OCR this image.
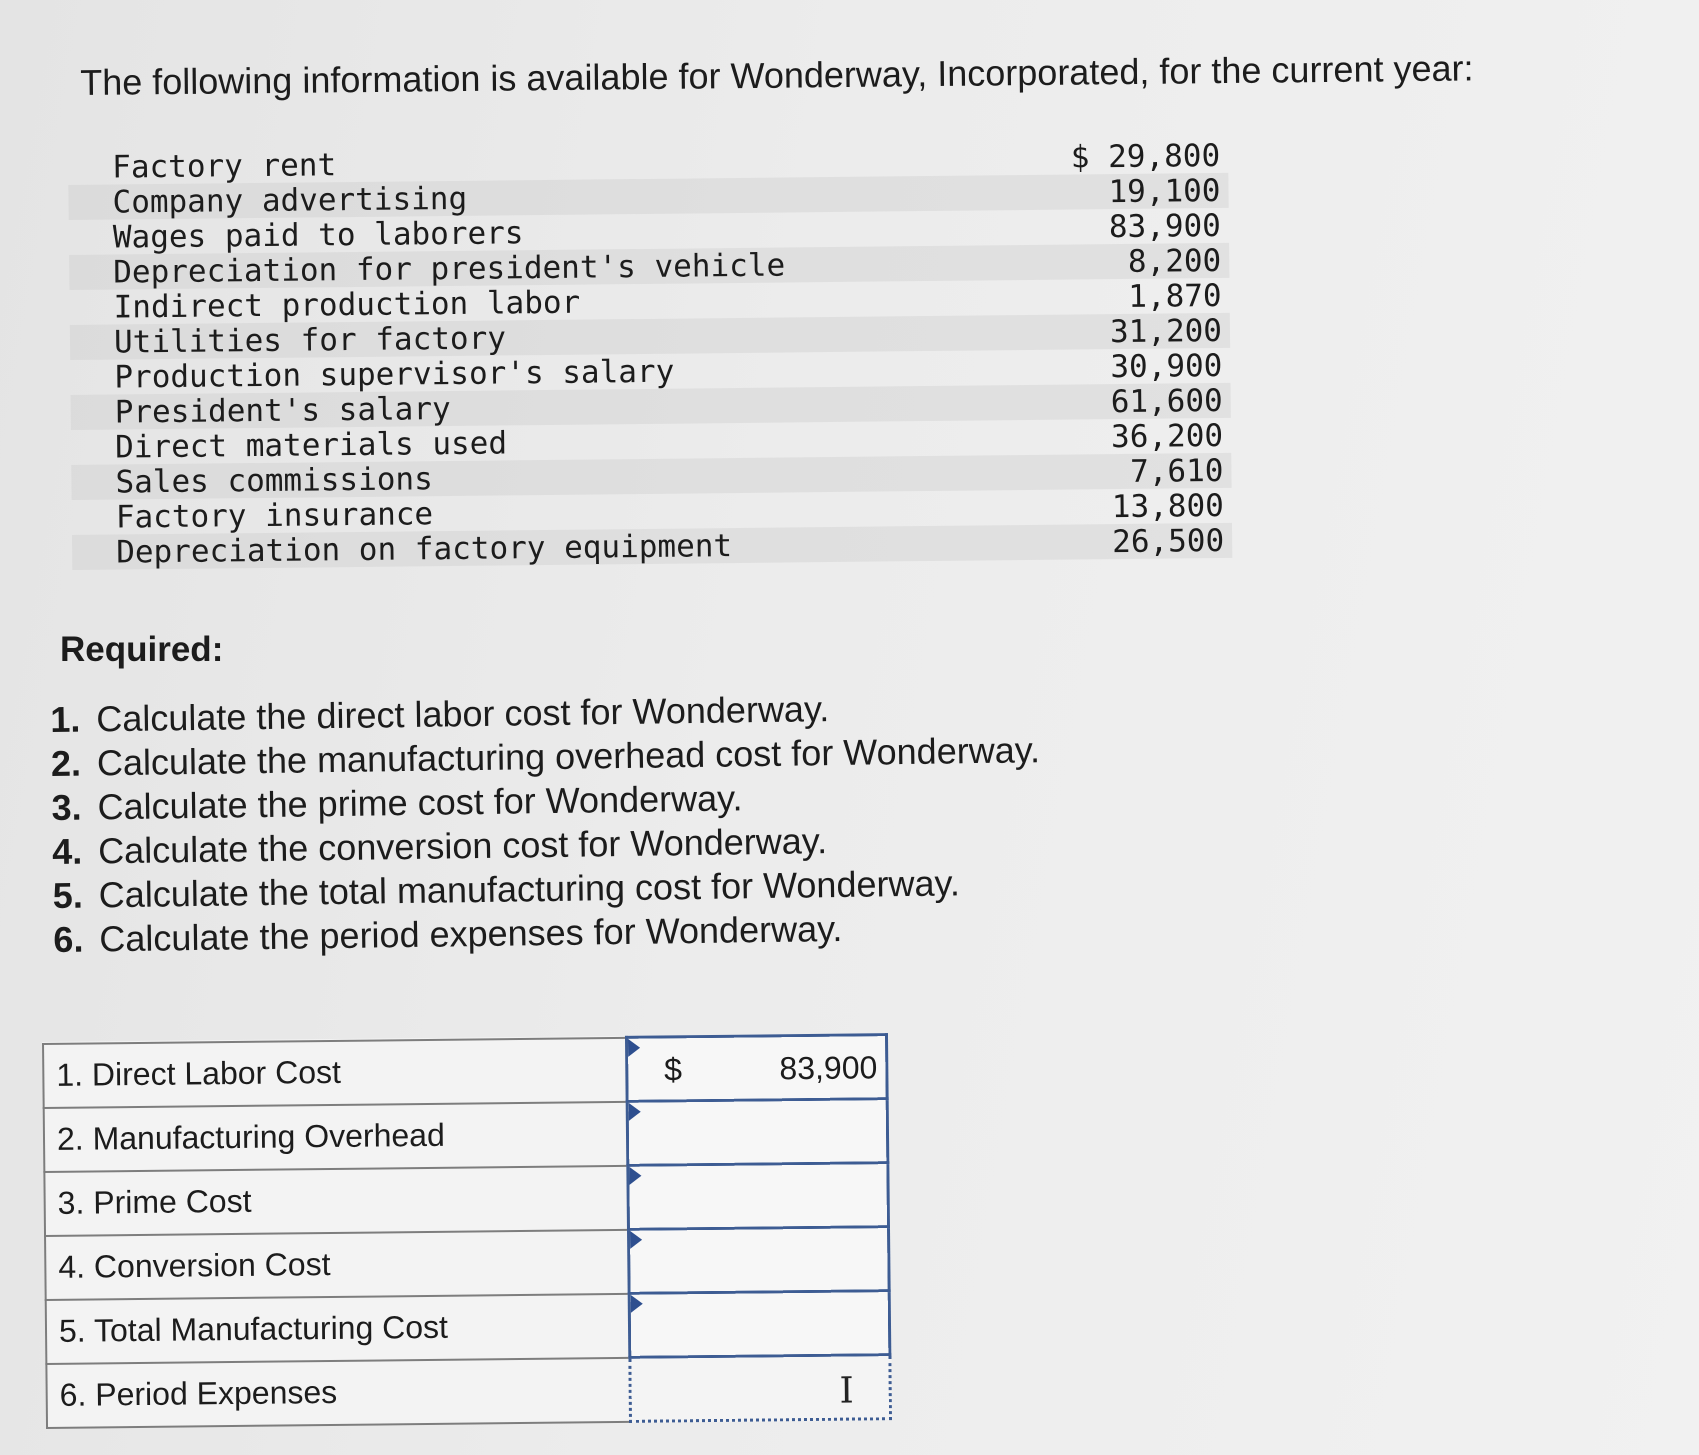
The following information is available for Wonderway, Incorporated, for the current year:

Factory rent	$ 29,800
Company advertising	19,100
Wages paid to laborers	83,900
Depreciation for president's vehicle	8,200
Indirect production labor	1,870
Utilities for factory	31,200
Production supervisor's salary	30,900
President's salary	61,600
Direct materials used	36,200
Sales commissions	7,610
Factory insurance	13,800
Depreciation on factory equipment	26,500

Required:

1. Calculate the direct labor cost for Wonderway.
2. Calculate the manufacturing overhead cost for Wonderway.
3. Calculate the prime cost for Wonderway.
4. Calculate the conversion cost for Wonderway.
5. Calculate the total manufacturing cost for Wonderway.
6. Calculate the period expenses for Wonderway.
1. Direct Labor Cost	$ 83,900

2. Manufacturing Overhead	

3. Prime Cost	

4. Conversion Cost	

5. Total Manufacturing Cost	

6. Period Expenses	I
